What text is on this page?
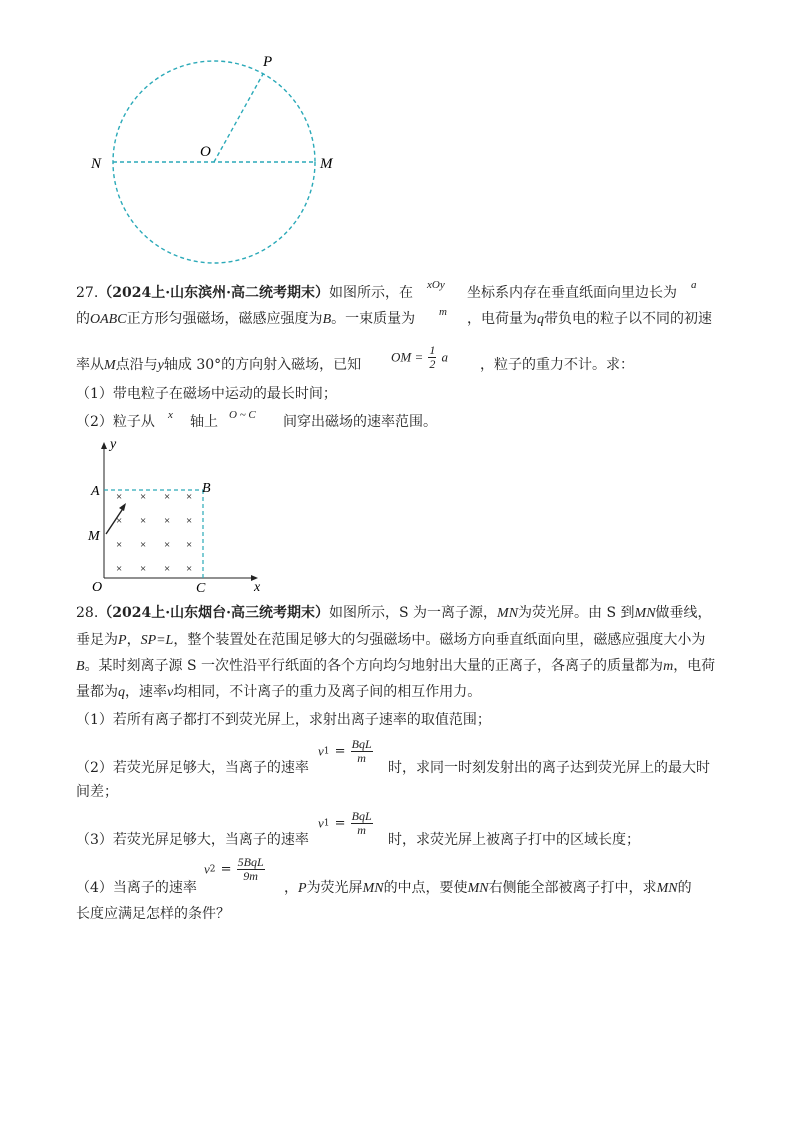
P
O
N	M
27.（2024上·山东滨州·高二统考期末）如图所示，在 xOy 坐标系内存在垂直纸面向里边长为 a
的OABC正方形匀强磁场，磁感应强度为B。一束质量为 m ，电荷量为q带负电的粒子以不同的初速
率从M点沿与y轴成 30°的方向射入磁场，已知 OM = $\frac{1}{2}$ a ，粒子的重力不计。求：
（1）带电粒子在磁场中运动的最长时间；
（2）粒子从 x 轴上 O ~ C 间穿出磁场的速率范围。
× × × ×
× × × ×
× × × ×
× × × ×
y
A	B
M
O	C	x
28.（2024上·山东烟台·高三统考期末）如图所示，S 为一离子源，MN为荧光屏。由 S 到MN做垂线，
垂足为P，SP=L，整个装置处在范围足够大的匀强磁场中。磁场方向垂直纸面向里，磁感应强度大小为
B。某时刻离子源 S 一次性沿平行纸面的各个方向均匀地射出大量的正离子，各离子的质量都为m，电荷
量都为q，速率v均相同，不计离子的重力及离子间的相互作用力。
（1）若所有离子都打不到荧光屏上，求射出离子速率的取值范围；
（2）若荧光屏足够大，当离子的速率
$v1 = \frac{\text{BqL}}{m}$
时，求同一时刻发射出的离子达到荧光屏上的最大时
间差；
（3）若荧光屏足够大，当离子的速率
$v1 = \frac{\text{BqL}}{m}$
时，求荧光屏上被离子打中的区域长度；
（4）当离子的速率
$v2 = \frac{\text{5BqL}}{9m}$
，P为荧光屏MN的中点，要使MN右侧能全部被离子打中，求MN的
长度应满足怎样的条件？
